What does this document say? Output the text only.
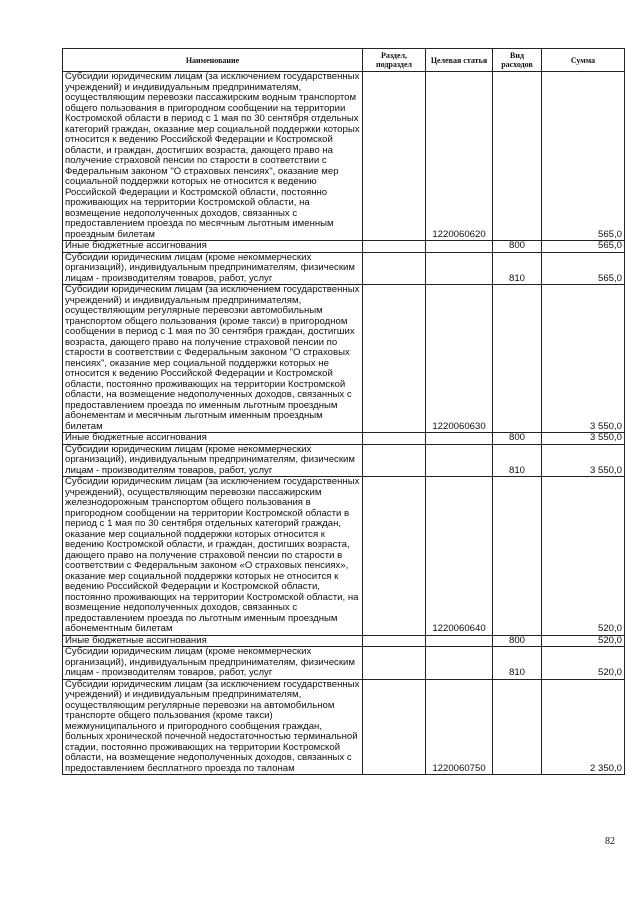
Наименование	Раздел, подраздел	Целевая статья	Вид расходов	Сумма
Субсидии юридическим лицам (за исключением государственных учреждений) и индивидуальным предпринимателям, осуществляющим перевозки пассажирским водным транспортом общего пользования в пригородном сообщении на территории Костромской области в период с 1 мая по 30 сентября отдельных категорий граждан, оказание мер социальной поддержки которых относится к ведению Российской Федерации и Костромской области, и граждан, достигших возраста, дающего право на получение страховой пенсии по старости в соответствии с Федеральным законом "О страховых пенсиях", оказание мер социальной поддержки которых не относится к ведению Российской Федерации и Костромской области, постоянно проживающих на территории Костромской области, на возмещение недополученных доходов, связанных с предоставлением проезда по месячным льготным именным проездным билетам		1220060620		565,0
Иные бюджетные ассигнования			800	565,0
Субсидии юридическим лицам (кроме некоммерческих организаций), индивидуальным предпринимателям, физическим лицам - производителям товаров, работ, услуг			810	565,0
Субсидии юридическим лицам (за исключением государственных учреждений) и индивидуальным предпринимателям, осуществляющим регулярные перевозки автомобильным транспортом общего пользования (кроме такси) в пригородном сообщении в период с 1 мая по 30 сентября граждан, достигших возраста, дающего право на получение страховой пенсии по старости в соответствии с Федеральным законом "О страховых пенсиях", оказание мер социальной поддержки которых не относится к ведению Российской Федерации и Костромской области, постоянно проживающих на территории Костромской области, на возмещение недополученных доходов, связанных с предоставлением проезда по именным льготным проездным абонементам и месячным льготным именным проездным билетам		1220060630		3 550,0
Иные бюджетные ассигнования			800	3 550,0
Субсидии юридическим лицам (кроме некоммерческих организаций), индивидуальным предпринимателям, физическим лицам - производителям товаров, работ, услуг			810	3 550,0
Субсидии юридическим лицам (за исключением государственных учреждений), осуществляющим перевозки пассажирским железнодорожным транспортом общего пользования в пригородном сообщении на территории Костромской области в период с 1 мая по 30 сентября отдельных категорий граждан, оказание мер социальной поддержки которых относится к ведению Костромской области, и граждан, достигших возраста, дающего право на получение страховой пенсии по старости в соответствии с Федеральным законом «О страховых пенсиях», оказание мер социальной поддержки которых не относится к ведению Российской Федерации и Костромской области, постоянно проживающих на территории Костромской области, на возмещение недополученных доходов, связанных с предоставлением проезда по льготным именным проездным абонементным билетам		1220060640		520,0
Иные бюджетные ассигнования			800	520,0
Субсидии юридическим лицам (кроме некоммерческих организаций), индивидуальным предпринимателям, физическим лицам - производителям товаров, работ, услуг			810	520,0
Субсидии юридическим лицам (за исключением государственных учреждений) и индивидуальным предпринимателям, осуществляющим регулярные перевозки на автомобильном транспорте общего пользования (кроме такси) межмуниципального и пригородного сообщения граждан, больных хронической почечной недостаточностью терминальной стадии, постоянно проживающих на территории Костромской области, на возмещение недополученных доходов, связанных с предоставлением бесплатного проезда по талонам		1220060750		2 350,0
82
